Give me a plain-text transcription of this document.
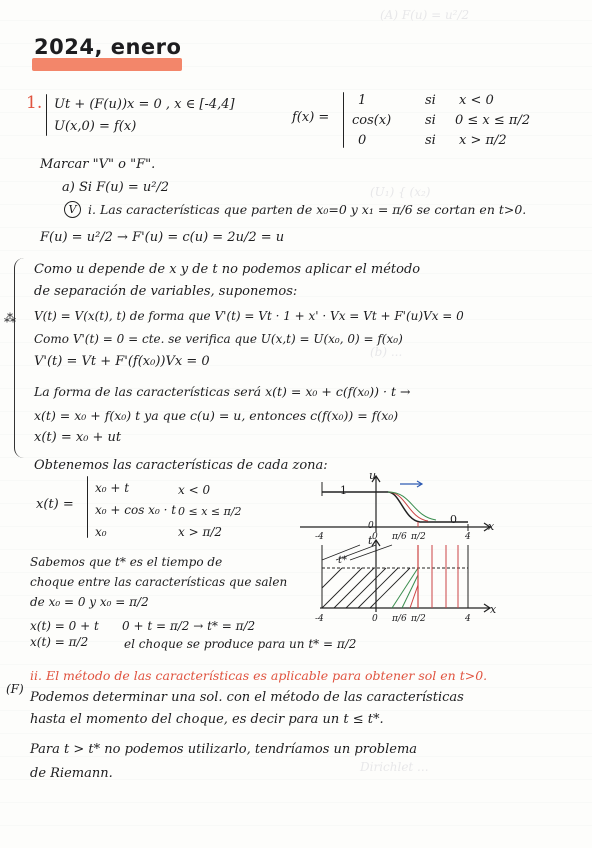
(A) F(u) = u²/2
(U₁) { (x₂)
(b) ...
Dirichlet ...
2024, enero
1. Ut + (F(u))x = 0 , x ∈ [-4,4]
U(x,0) = f(x)
f(x) =
1	si x < 0
cos(x)	si 0 ≤ x ≤ π/2
0	si x > π/2
Marcar "V" o "F".
a) Si F(u) = u²/2
V i. Las características que parten de x₀=0 y x₁ = π/6 se cortan en t>0.
F(u) = u²/2 → F'(u) = c(u) = 2u/2 = u
⁂
Como u depende de x y de t no podemos aplicar el método
de separación de variables, suponemos:
V(t) = V(x(t), t) de forma que V'(t) = Vt · 1 + x' · Vx = Vt + F'(u)Vx = 0
Como V'(t) = 0 = cte. se verifica que U(x,t) = U(x₀, 0) = f(x₀)
V'(t) = Vt + F'(f(x₀))Vx = 0
La forma de las características será x(t) = x₀ + c(f(x₀)) · t →
x(t) = x₀ + f(x₀) t ya que c(u) = u, entonces c(f(x₀)) = f(x₀)
x(t) = x₀ + ut
Obtenemos las características de cada zona:
x(t) =
x₀ + t	x < 0
x₀ + cos x₀ · t 0 ≤ x ≤ π/2
x₀	x > π/2
Sabemos que t* es el tiempo de
choque entre las características que salen
de x₀ = 0 y x₀ = π/2
x(t) = 0 + t
x(t) = π/2
0 + t = π/2 → t* = π/2
el choque se produce para un t* = π/2
ii. El método de las características es aplicable para obtener sol en t>0.
(F)
Podemos determinar una sol. con el método de las características
hasta el momento del choque, es decir para un t ≤ t*.
Para t > t* no podemos utilizarlo, tendríamos un problema
de Riemann.
u
1
x
0
-4	0 π/6 π/2	4
0
t
t*
x
-4	0 π/6 π/2	4
